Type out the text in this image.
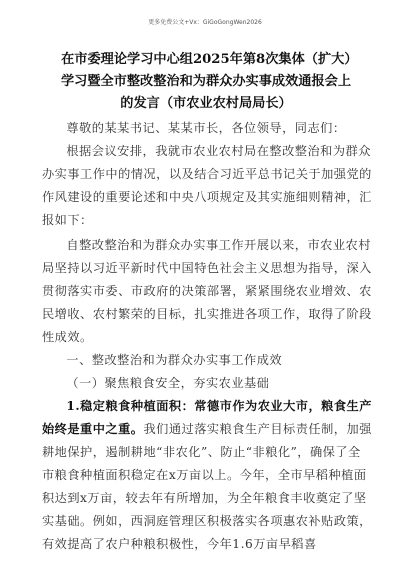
更多免费公文+Vx：GiGoGongWen2026
在市委理论学习中心组2025年第8次集体（扩大）学习暨全市整改整治和为群众办实事成效通报会上的发言（市农业农村局局长）

尊敬的某某书记、某某市长，各位领导，同志们：

根据会议安排，我就市农业农村局在整改整治和为群众办实事工作中的情况，以及结合习近平总书记关于加强党的作风建设的重要论述和中央八项规定及其实施细则精神，汇报如下：

自整改整治和为群众办实事工作开展以来，市农业农村局坚持以习近平新时代中国特色社会主义思想为指导，深入贯彻落实市委、市政府的决策部署，紧紧围绕农业增效、农民增收、农村繁荣的目标，扎实推进各项工作，取得了阶段性成效。

一、整改整治和为群众办实事工作成效

（一）聚焦粮食安全，夯实农业基础

1.稳定粮食种植面积：常德市作为农业大市，粮食生产始终是重中之重。我们通过落实粮食生产目标责任制，加强耕地保护，遏制耕地“非农化”、防止“非粮化”，确保了全市粮食种植面积稳定在x万亩以上。今年，全市早稻种植面积达到x万亩，较去年有所增加，为全年粮食丰收奠定了坚实基础。例如，西洞庭管理区积极落实各项惠农补贴政策，有效提高了农户种粮积极性，今年1.6万亩早稻喜
